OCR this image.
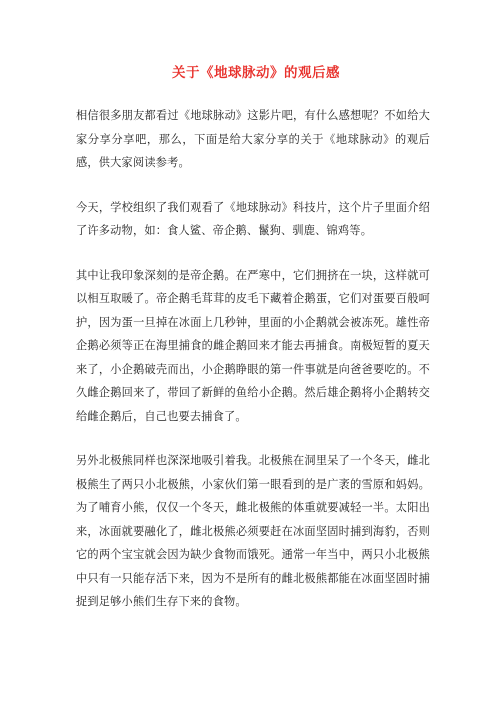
关于《地球脉动》的观后感

相信很多朋友都看过《地球脉动》这影片吧，有什么感想呢？不如给大家分享分享吧，那么，下面是给大家分享的关于《地球脉动》的观后感，供大家阅读参考。

今天，学校组织了我们观看了《地球脉动》科技片，这个片子里面介绍了许多动物，如：食人鲨、帝企鹅、鬣狗、驯鹿、锦鸡等。

其中让我印象深刻的是帝企鹅。在严寒中，它们拥挤在一块，这样就可以相互取暖了。帝企鹅毛茸茸的皮毛下藏着企鹅蛋，它们对蛋要百般呵护，因为蛋一旦掉在冰面上几秒钟，里面的小企鹅就会被冻死。雄性帝企鹅必须等正在海里捕食的雌企鹅回来才能去再捕食。南极短暂的夏天来了，小企鹅破壳而出，小企鹅睁眼的第一件事就是向爸爸要吃的。不久雌企鹅回来了，带回了新鲜的鱼给小企鹅。然后雄企鹅将小企鹅转交给雌企鹅后，自己也要去捕食了。

另外北极熊同样也深深地吸引着我。北极熊在洞里呆了一个冬天，雌北极熊生了两只小北极熊，小家伙们第一眼看到的是广袤的雪原和妈妈。为了哺育小熊，仅仅一个冬天，雌北极熊的体重就要减轻一半。太阳出来，冰面就要融化了，雌北极熊必须要赶在冰面坚固时捕到海豹，否则它的两个宝宝就会因为缺少食物而饿死。通常一年当中，两只小北极熊中只有一只能存活下来，因为不是所有的雌北极熊都能在冰面坚固时捕捉到足够小熊们生存下来的食物。
